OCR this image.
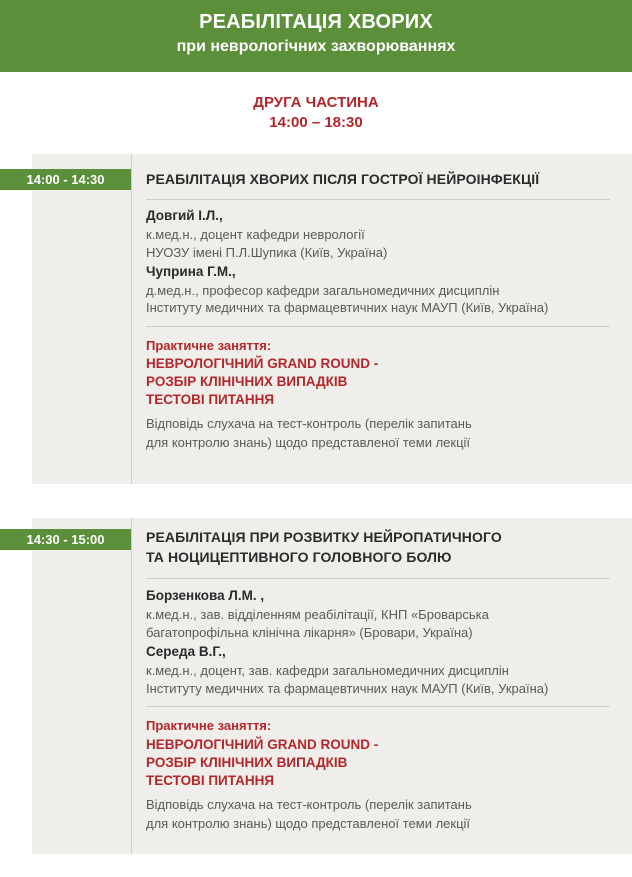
РЕАБІЛІТАЦІЯ ХВОРИХ
при неврологічних захворюваннях
ДРУГА ЧАСТИНА
14:00 – 18:30
14:00 - 14:30	РЕАБІЛІТАЦІЯ ХВОРИХ ПІСЛЯ ГОСТРОЇ НЕЙРОІНФЕКЦІЇ
Довгий І.Л.,
к.мед.н., доцент кафедри неврології
НУОЗУ імені П.Л.Шупика (Київ, Україна)
Чуприна Г.М.,
д.мед.н., професор кафедри загальномедичних дисциплін
Інституту медичних та фармацевтичних наук МАУП (Київ, Україна)
Практичне заняття:
НЕВРОЛОГІЧНИЙ GRAND ROUND -
РОЗБІР КЛІНІЧНИХ ВИПАДКІВ
ТЕСТОВІ ПИТАННЯ
Відповідь слухача на тест-контроль (перелік запитань
для контролю знань) щодо представленої теми лекції
14:30 - 15:00	РЕАБІЛІТАЦІЯ ПРИ РОЗВИТКУ НЕЙРОПАТИЧНОГО
ТА НОЦИЦЕПТИВНОГО ГОЛОВНОГО БОЛЮ
Борзенкова Л.М. ,
к.мед.н., зав. відділенням реабілітації, КНП «Броварська
багатопрофільна клінічна лікарня» (Бровари, Україна)
Середа В.Г.,
к.мед.н., доцент, зав. кафедри загальномедичних дисциплін
Інституту медичних та фармацевтичних наук МАУП (Київ, Україна)
Практичне заняття:
НЕВРОЛОГІЧНИЙ GRAND ROUND -
РОЗБІР КЛІНІЧНИХ ВИПАДКІВ
ТЕСТОВІ ПИТАННЯ
Відповідь слухача на тест-контроль (перелік запитань
для контролю знань) щодо представленої теми лекції
